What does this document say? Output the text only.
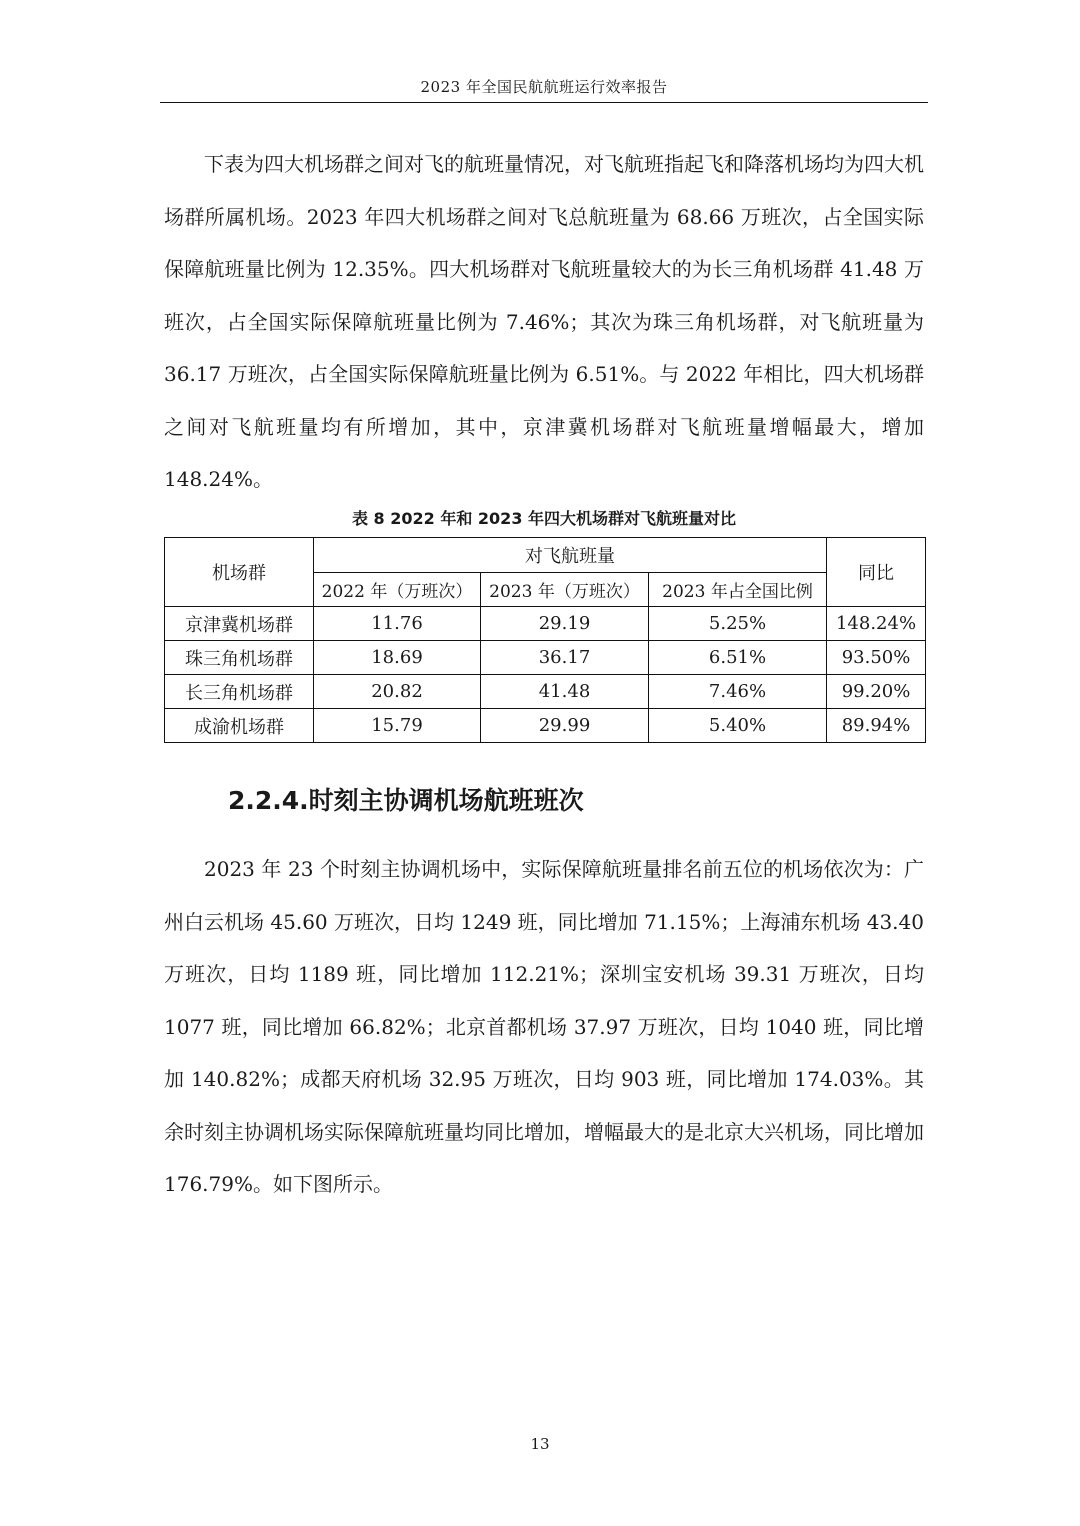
2023 年全国民航航班运行效率报告

下表为四大机场群之间对飞的航班量情况，对飞航班指起飞和降落机场均为四大机场群所属机场。2023 年四大机场群之间对飞总航班量为 68.66 万班次，占全国实际保障航班量比例为 12.35%。四大机场群对飞航班量较大的为长三角机场群 41.48 万班次，占全国实际保障航班量比例为 7.46%；其次为珠三角机场群，对飞航班量为 36.17 万班次，占全国实际保障航班量比例为 6.51%。与 2022 年相比，四大机场群之间对飞航班量均有所增加，其中，京津冀机场群对飞航班量增幅最大，增加 148.24%。

表 8 2022 年和 2023 年四大机场群对飞航班量对比
机场群	对飞航班量			同比
	2022 年（万班次）	2023 年（万班次）	2023 年占全国比例	
京津冀机场群	11.76	29.19	5.25%	148.24%
珠三角机场群	18.69	36.17	6.51%	93.50%
长三角机场群	20.82	41.48	7.46%	99.20%
成渝机场群	15.79	29.99	5.40%	89.94%
2.2.4.时刻主协调机场航班班次

2023 年 23 个时刻主协调机场中，实际保障航班量排名前五位的机场依次为：广州白云机场 45.60 万班次，日均 1249 班，同比增加 71.15%；上海浦东机场 43.40 万班次，日均 1189 班，同比增加 112.21%；深圳宝安机场 39.31 万班次，日均 1077 班，同比增加 66.82%；北京首都机场 37.97 万班次，日均 1040 班，同比增加 140.82%；成都天府机场 32.95 万班次，日均 903 班，同比增加 174.03%。其余时刻主协调机场实际保障航班量均同比增加，增幅最大的是北京大兴机场，同比增加 176.79%。如下图所示。

13
